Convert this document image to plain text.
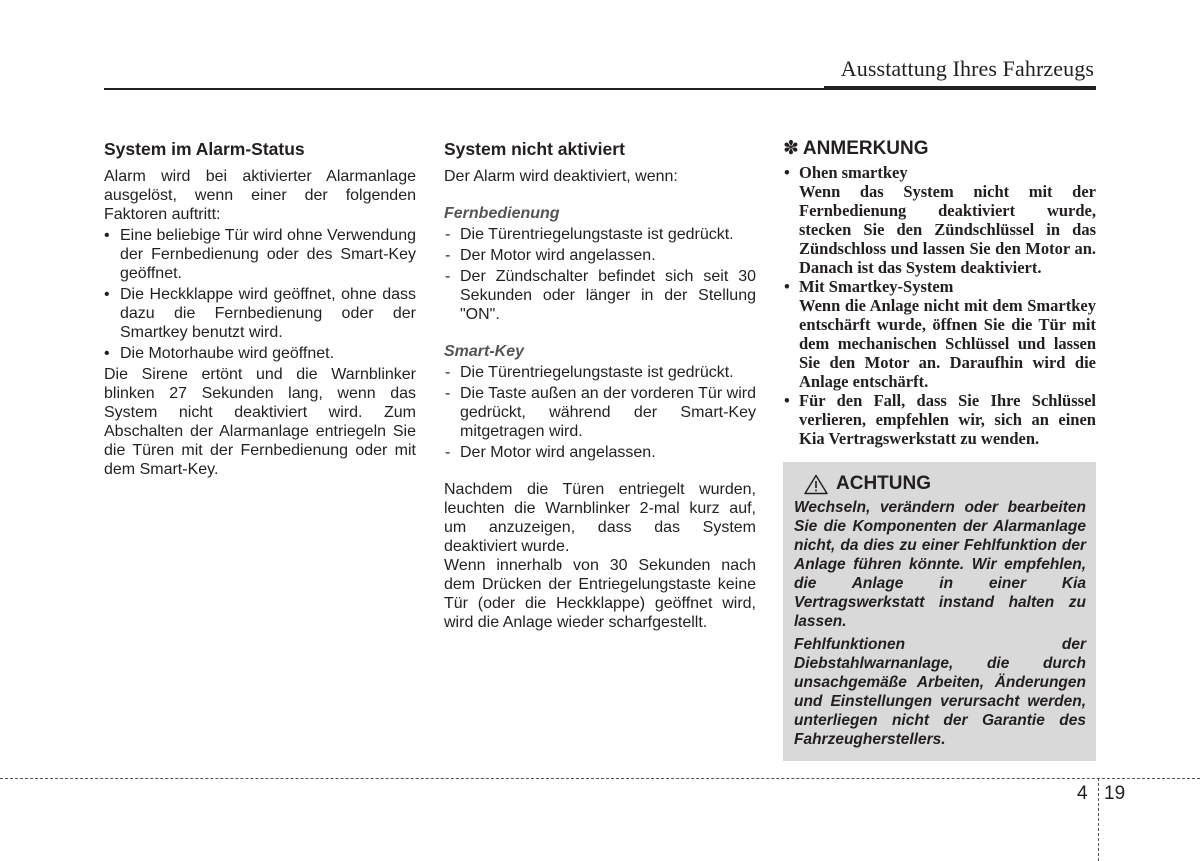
Ausstattung Ihres Fahrzeugs
System im Alarm-Status

Alarm wird bei aktivierter Alarmanlage ausgelöst, wenn einer der folgenden Faktoren auftritt:

• Eine beliebige Tür wird ohne Verwendung der Fernbedienung oder des Smart-Key geöffnet.
• Die Heckklappe wird geöffnet, ohne dass dazu die Fernbedienung oder der Smartkey benutzt wird.
• Die Motorhaube wird geöffnet.

Die Sirene ertönt und die Warnblinker blinken 27 Sekunden lang, wenn das System nicht deaktiviert wird. Zum Abschalten der Alarmanlage entriegeln Sie die Türen mit der Fernbedienung oder mit dem Smart-Key.

System nicht aktiviert

Der Alarm wird deaktiviert, wenn:

Fernbedienung
- Die Türentriegelungstaste ist gedrückt.
- Der Motor wird angelassen.
- Der Zündschalter befindet sich seit 30 Sekunden oder länger in der Stellung "ON".
Smart-Key
- Die Türentriegelungstaste ist gedrückt.
- Die Taste außen an der vorderen Tür wird gedrückt, während der Smart-Key mitgetragen wird.
- Der Motor wird angelassen.

Nachdem die Türen entriegelt wurden, leuchten die Warnblinker 2-mal kurz auf, um anzuzeigen, dass das System deaktiviert wurde.

Wenn innerhalb von 30 Sekunden nach dem Drücken der Entriegelungstaste keine Tür (oder die Heckklappe) geöffnet wird, wird die Anlage wieder scharfgestellt.

✽ ANMERKUNG
• Ohen smartkey
Wenn das System nicht mit der Fernbedienung deaktiviert wurde, stecken Sie den Zündschlüssel in das Zündschloss und lassen Sie den Motor an. Danach ist das System deaktiviert.
• Mit Smartkey-System
Wenn die Anlage nicht mit dem Smartkey entschärft wurde, öffnen Sie die Tür mit dem mechanischen Schlüssel und lassen Sie den Motor an. Daraufhin wird die Anlage entschärft.
• Für den Fall, dass Sie Ihre Schlüssel verlieren, empfehlen wir, sich an einen Kia Vertragswerkstatt zu wenden.
ACHTUNG

Wechseln, verändern oder bearbeiten Sie die Komponenten der Alarmanlage nicht, da dies zu einer Fehlfunktion der Anlage führen könnte. Wir empfehlen, die Anlage in einer Kia Vertragswerkstatt instand halten zu lassen.

Fehlfunktionen der Diebstahlwarnanlage, die durch unsachgemäße Arbeiten, Änderungen und Einstellungen verursacht werden, unterliegen nicht der Garantie des Fahrzeugherstellers.

4 19
